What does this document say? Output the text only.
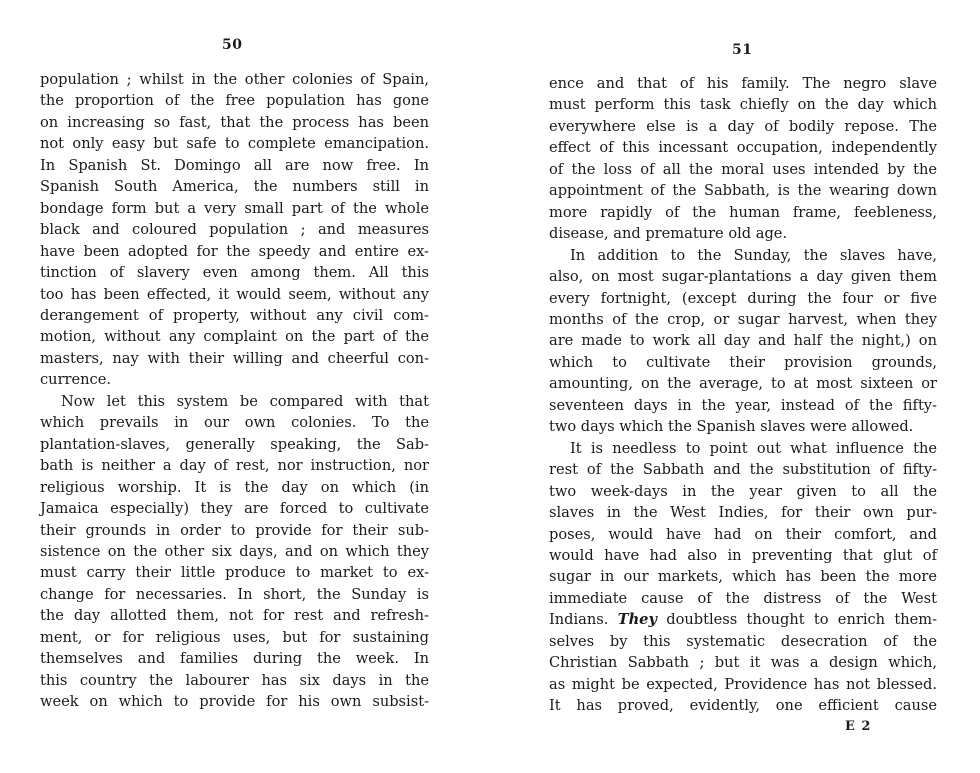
50
population ; whilst in the other colonies of Spain,
the proportion of the free population has gone
on increasing so fast, that the process has been
not only easy but safe to complete emancipation.
In Spanish St. Domingo all are now free. In
Spanish South America, the numbers still in
bondage form but a very small part of the whole
black and coloured population ; and measures
have been adopted for the speedy and entire ex-
tinction of slavery even among them. All this
too has been effected, it would seem, without any
derangement of property, without any civil com-
motion, without any complaint on the part of the
masters, nay with their willing and cheerful con-
currence.
Now let this system be compared with that
which prevails in our own colonies. To the
plantation-slaves, generally speaking, the Sab-
bath is neither a day of rest, nor instruction, nor
religious worship. It is the day on which (in
Jamaica especially) they are forced to cultivate
their grounds in order to provide for their sub-
sistence on the other six days, and on which they
must carry their little produce to market to ex-
change for necessaries. In short, the Sunday is
the day allotted them, not for rest and refresh-
ment, or for religious uses, but for sustaining
themselves and families during the week. In
this country the labourer has six days in the
week on which to provide for his own subsist-
51
ence and that of his family. The negro slave
must perform this task chiefly on the day which
everywhere else is a day of bodily repose. The
effect of this incessant occupation, independently
of the loss of all the moral uses intended by the
appointment of the Sabbath, is the wearing down
more rapidly of the human frame, feebleness,
disease, and premature old age.
In addition to the Sunday, the slaves have,
also, on most sugar-plantations a day given them
every fortnight, (except during the four or five
months of the crop, or sugar harvest, when they
are made to work all day and half the night,) on
which to cultivate their provision grounds,
amounting, on the average, to at most sixteen or
seventeen days in the year, instead of the fifty-
two days which the Spanish slaves were allowed.
It is needless to point out what influence the
rest of the Sabbath and the substitution of fifty-
two week-days in the year given to all the
slaves in the West Indies, for their own pur-
poses, would have had on their comfort, and
would have had also in preventing that glut of
sugar in our markets, which has been the more
immediate cause of the distress of the West
Indians. They doubtless thought to enrich them-
selves by this systematic desecration of the
Christian Sabbath ; but it was a design which,
as might be expected, Providence has not blessed.
It has proved, evidently, one efficient cause
E 2
